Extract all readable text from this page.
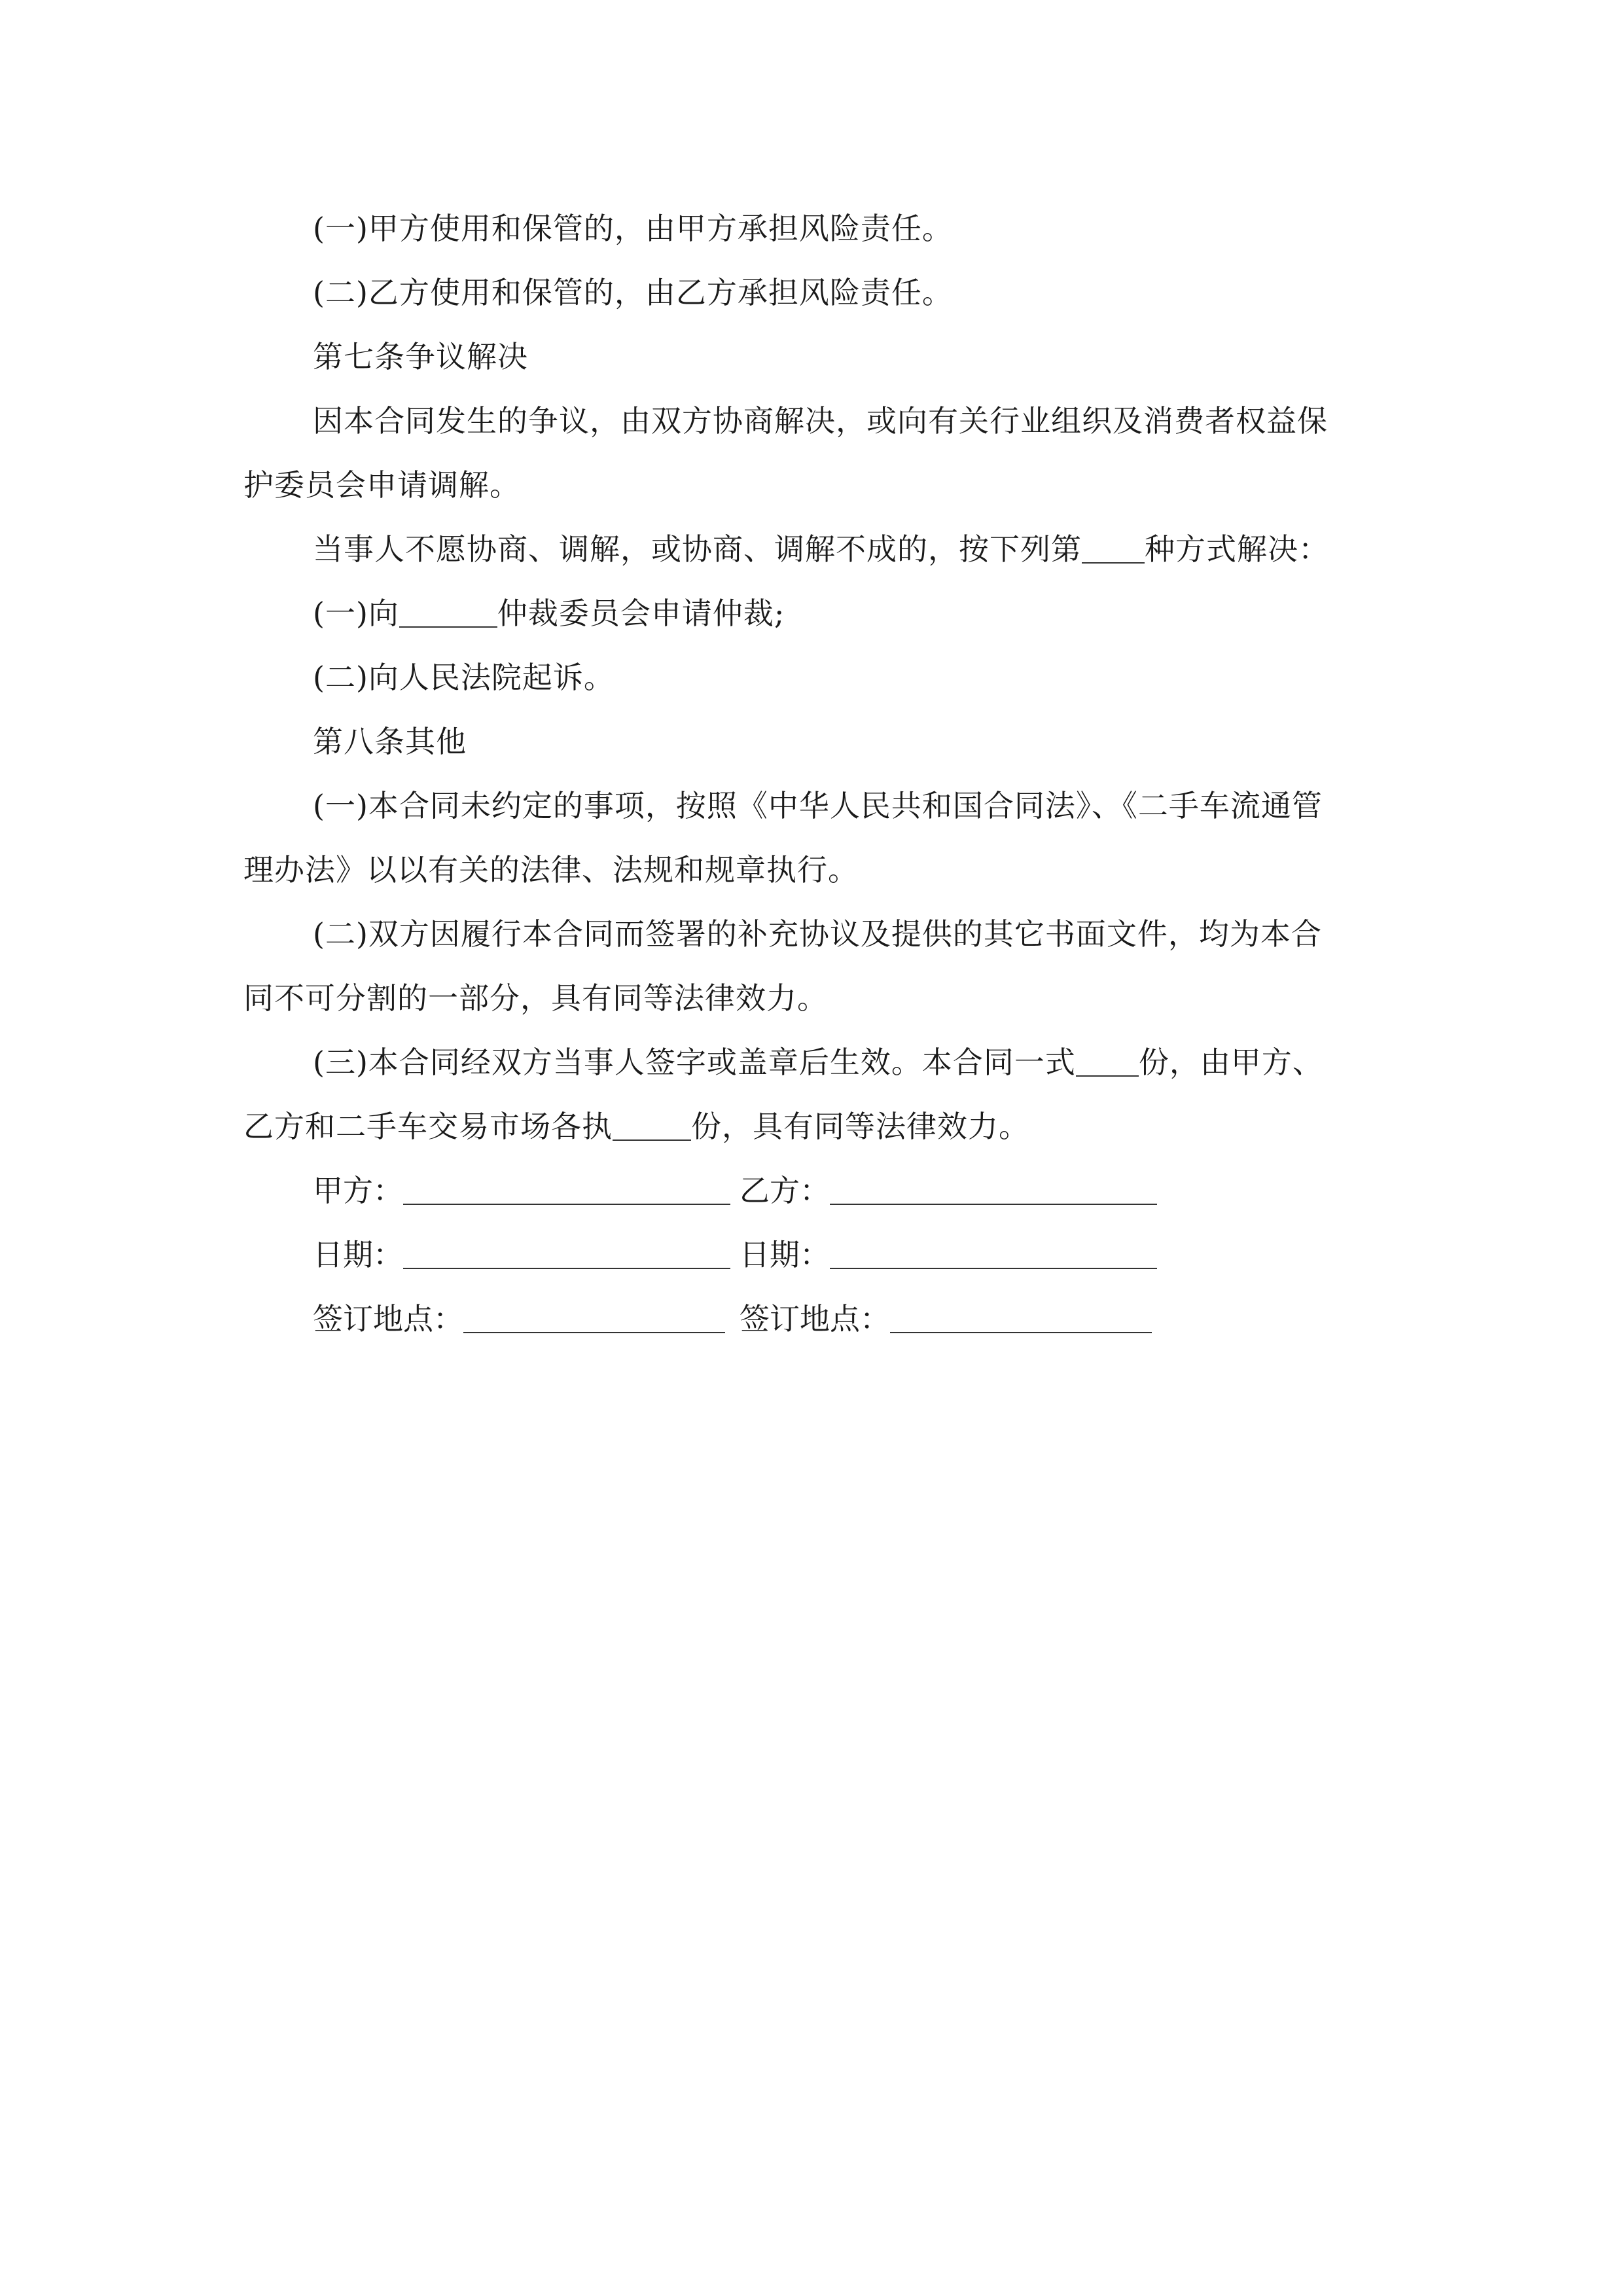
(一)甲方使用和保管的，由甲方承担风险责任。
(二)乙方使用和保管的，由乙方承担风险责任。
第七条争议解决
因本合同发生的争议，由双方协商解决，或向有关行业组织及消费者权益保
护委员会申请调解。
当事人不愿协商、调解，或协商、调解不成的，按下列第 种方式解决：
(一)向	仲裁委员会申请仲裁;
(二)向人民法院起诉。
第八条其他
(一)本合同未约定的事项，按照《中华人民共和国合同法》、《二手车流通管
理办法》以以有关的法律、法规和规章执行。
(二)双方因履行本合同而签署的补充协议及提供的其它书面文件，均为本合
同不可分割的一部分，具有同等法律效力。
(三)本合同经双方当事人签字或盖章后生效。本合同一式 份，由甲方、
乙方和二手车交易市场各执	份，具有同等法律效力。
甲方：	乙方：
日期：	日期：
签订地点：	签订地点：
